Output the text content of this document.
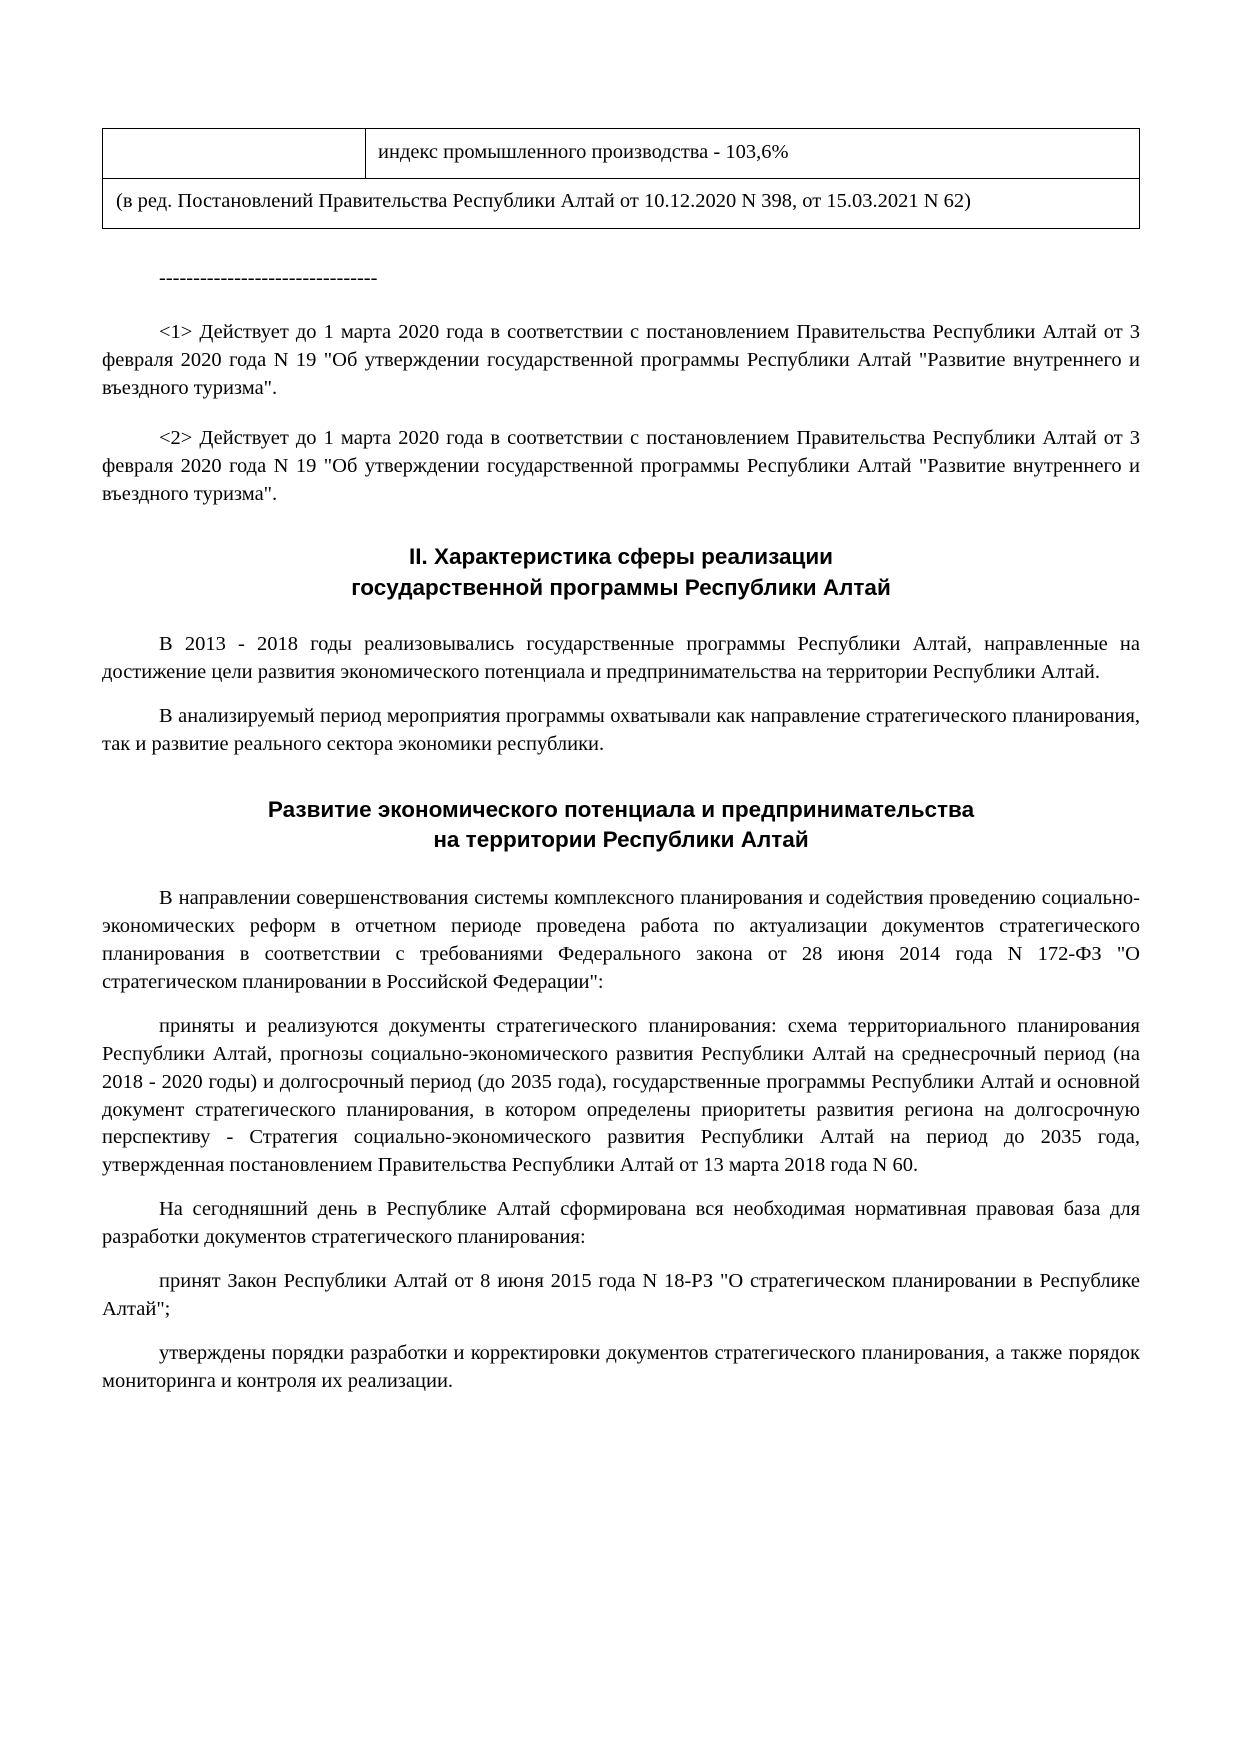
индекс промышленного производства - 103,6%

(в ред. Постановлений Правительства Республики Алтай от 10.12.2020 N 398, от 15.03.2021 N 62)
--------------------------------

<1> Действует до 1 марта 2020 года в соответствии с постановлением Правительства Республики Алтай от 3 февраля 2020 года N 19 "Об утверждении государственной программы Республики Алтай "Развитие внутреннего и въездного туризма".

<2> Действует до 1 марта 2020 года в соответствии с постановлением Правительства Республики Алтай от 3 февраля 2020 года N 19 "Об утверждении государственной программы Республики Алтай "Развитие внутреннего и въездного туризма".

II. Характеристика сферы реализации
государственной программы Республики Алтай

В 2013 - 2018 годы реализовывались государственные программы Республики Алтай, направленные на достижение цели развития экономического потенциала и предпринимательства на территории Республики Алтай.

В анализируемый период мероприятия программы охватывали как направление стратегического планирования, так и развитие реального сектора экономики республики.

Развитие экономического потенциала и предпринимательства
на территории Республики Алтай

В направлении совершенствования системы комплексного планирования и содействия проведению социально-экономических реформ в отчетном периоде проведена работа по актуализации документов стратегического планирования в соответствии с требованиями Федерального закона от 28 июня 2014 года N 172-ФЗ "О стратегическом планировании в Российской Федерации":

приняты и реализуются документы стратегического планирования: схема территориального планирования Республики Алтай, прогнозы социально-экономического развития Республики Алтай на среднесрочный период (на 2018 - 2020 годы) и долгосрочный период (до 2035 года), государственные программы Республики Алтай и основной документ стратегического планирования, в котором определены приоритеты развития региона на долгосрочную перспективу - Стратегия социально-экономического развития Республики Алтай на период до 2035 года, утвержденная постановлением Правительства Республики Алтай от 13 марта 2018 года N 60.

На сегодняшний день в Республике Алтай сформирована вся необходимая нормативная правовая база для разработки документов стратегического планирования:

принят Закон Республики Алтай от 8 июня 2015 года N 18-РЗ "О стратегическом планировании в Республике Алтай";

утверждены порядки разработки и корректировки документов стратегического планирования, а также порядок мониторинга и контроля их реализации.
